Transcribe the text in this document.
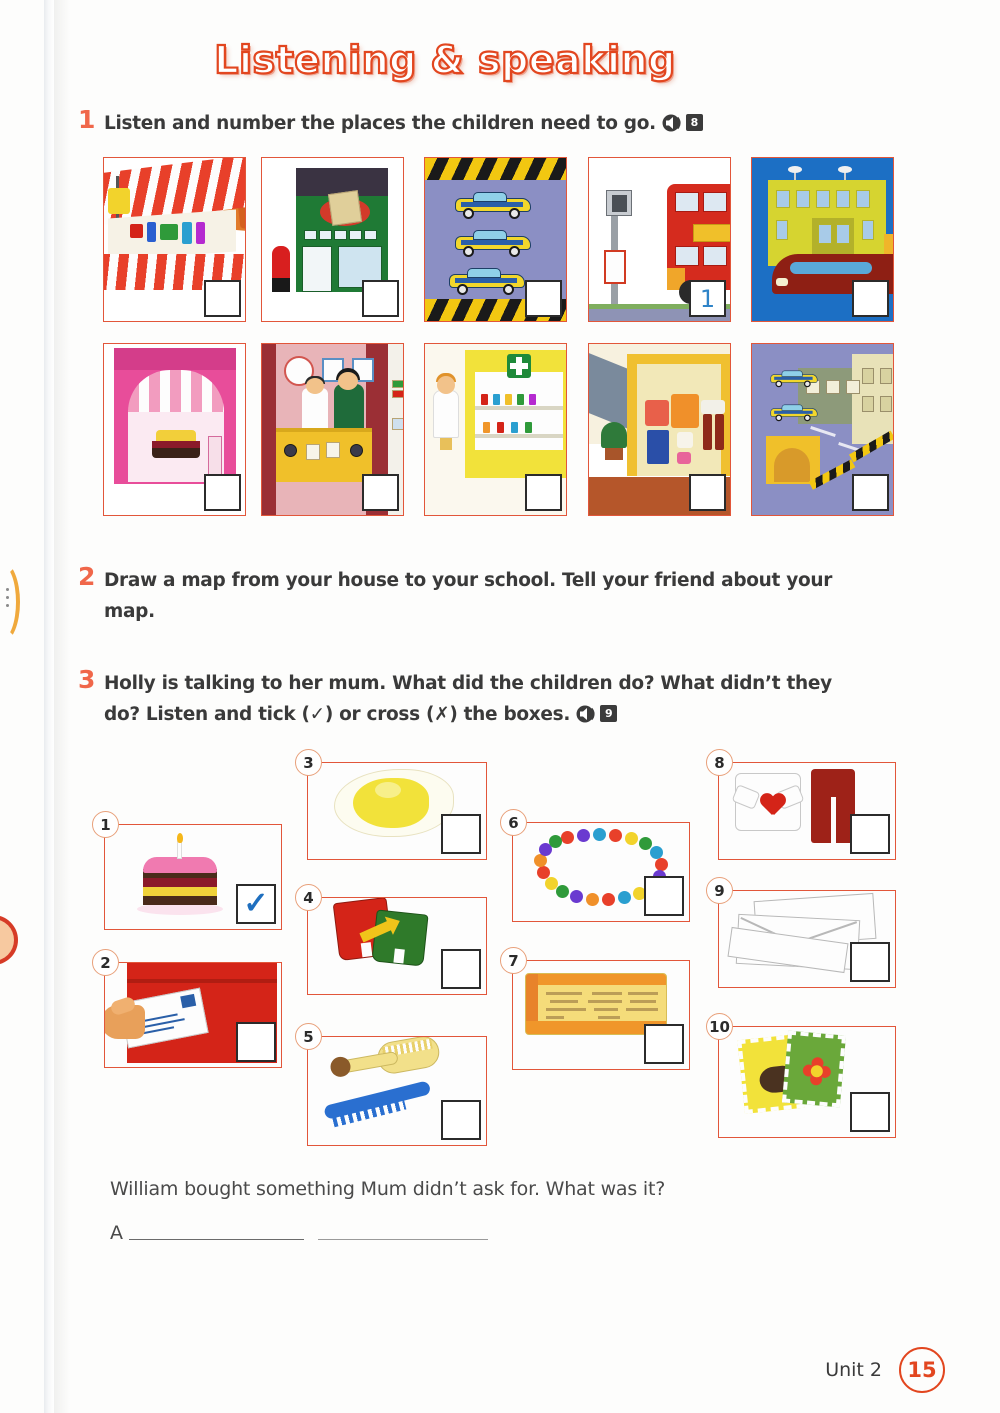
Listening & speaking
1 Listen and number the places the children need to go.	8
1
2 Draw a map from your house to your school. Tell your friend about your map.
3 Holly is talking to her mum. What did the children do? What didn’t they
do? Listen and tick (✓) or cross (✗) the boxes.	9
1
✓
2
3
4
5
6
7
8
9
10
William bought something Mum didn’t ask for. What was it?
A
Unit 2	15
